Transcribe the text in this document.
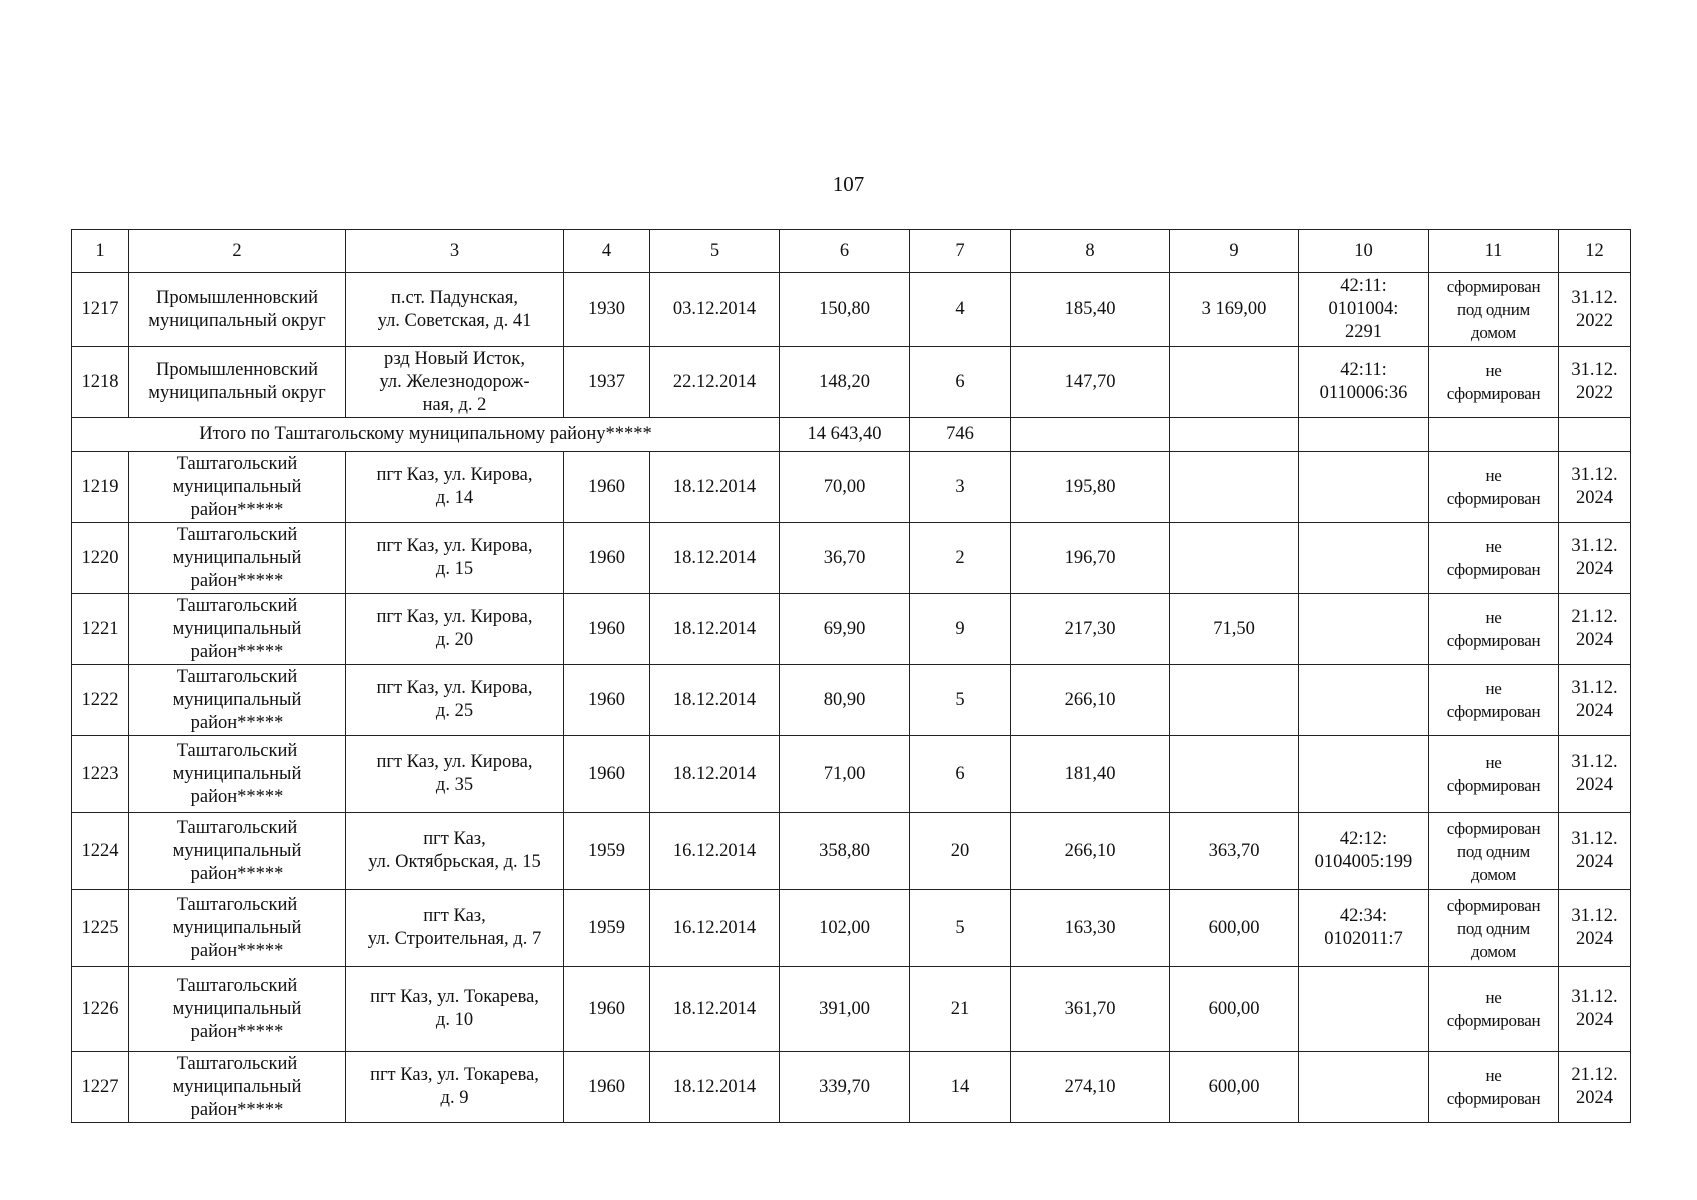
107
1	2	3	4	5	6	7	8	9	10	11	12
1217	Промышленновский муниципальный округ	п.ст. Падунская,
ул. Советская, д. 41	1930	03.12.2014	150,80	4	185,40	3 169,00	42:11:
0101004:
2291	сформирован
под одним
домом	31.12.
2022
1218	Промышленновский муниципальный округ	рзд Новый Исток,
ул. Железнодорож-
ная, д. 2	1937	22.12.2014	148,20	6	147,70		42:11:
0110006:36	не
сформирован	31.12.
2022
Итого по Таштагольскому муниципальному району*****					14 643,40	746					
1219	Таштагольский муниципальный район*****	пгт Каз, ул. Кирова,
д. 14	1960	18.12.2014	70,00	3	195,80			не
сформирован	31.12.
2024
1220	Таштагольский муниципальный район*****	пгт Каз, ул. Кирова,
д. 15	1960	18.12.2014	36,70	2	196,70			не
сформирован	31.12.
2024
1221	Таштагольский муниципальный район*****	пгт Каз, ул. Кирова,
д. 20	1960	18.12.2014	69,90	9	217,30	71,50		не
сформирован	21.12.
2024
1222	Таштагольский муниципальный район*****	пгт Каз, ул. Кирова,
д. 25	1960	18.12.2014	80,90	5	266,10			не
сформирован	31.12.
2024
1223	Таштагольский муниципальный район*****	пгт Каз, ул. Кирова,
д. 35	1960	18.12.2014	71,00	6	181,40			не
сформирован	31.12.
2024
1224	Таштагольский муниципальный район*****	пгт Каз,
ул. Октябрьская, д. 15	1959	16.12.2014	358,80	20	266,10	363,70	42:12:
0104005:199	сформирован
под одним
домом	31.12.
2024
1225	Таштагольский муниципальный район*****	пгт Каз,
ул. Строительная, д. 7	1959	16.12.2014	102,00	5	163,30	600,00	42:34:
0102011:7	сформирован
под одним
домом	31.12.
2024
1226	Таштагольский муниципальный район*****	пгт Каз, ул. Токарева,
д. 10	1960	18.12.2014	391,00	21	361,70	600,00		не
сформирован	31.12.
2024
1227	Таштагольский муниципальный район*****	пгт Каз, ул. Токарева,
д. 9	1960	18.12.2014	339,70	14	274,10	600,00		не
сформирован	21.12.
2024
